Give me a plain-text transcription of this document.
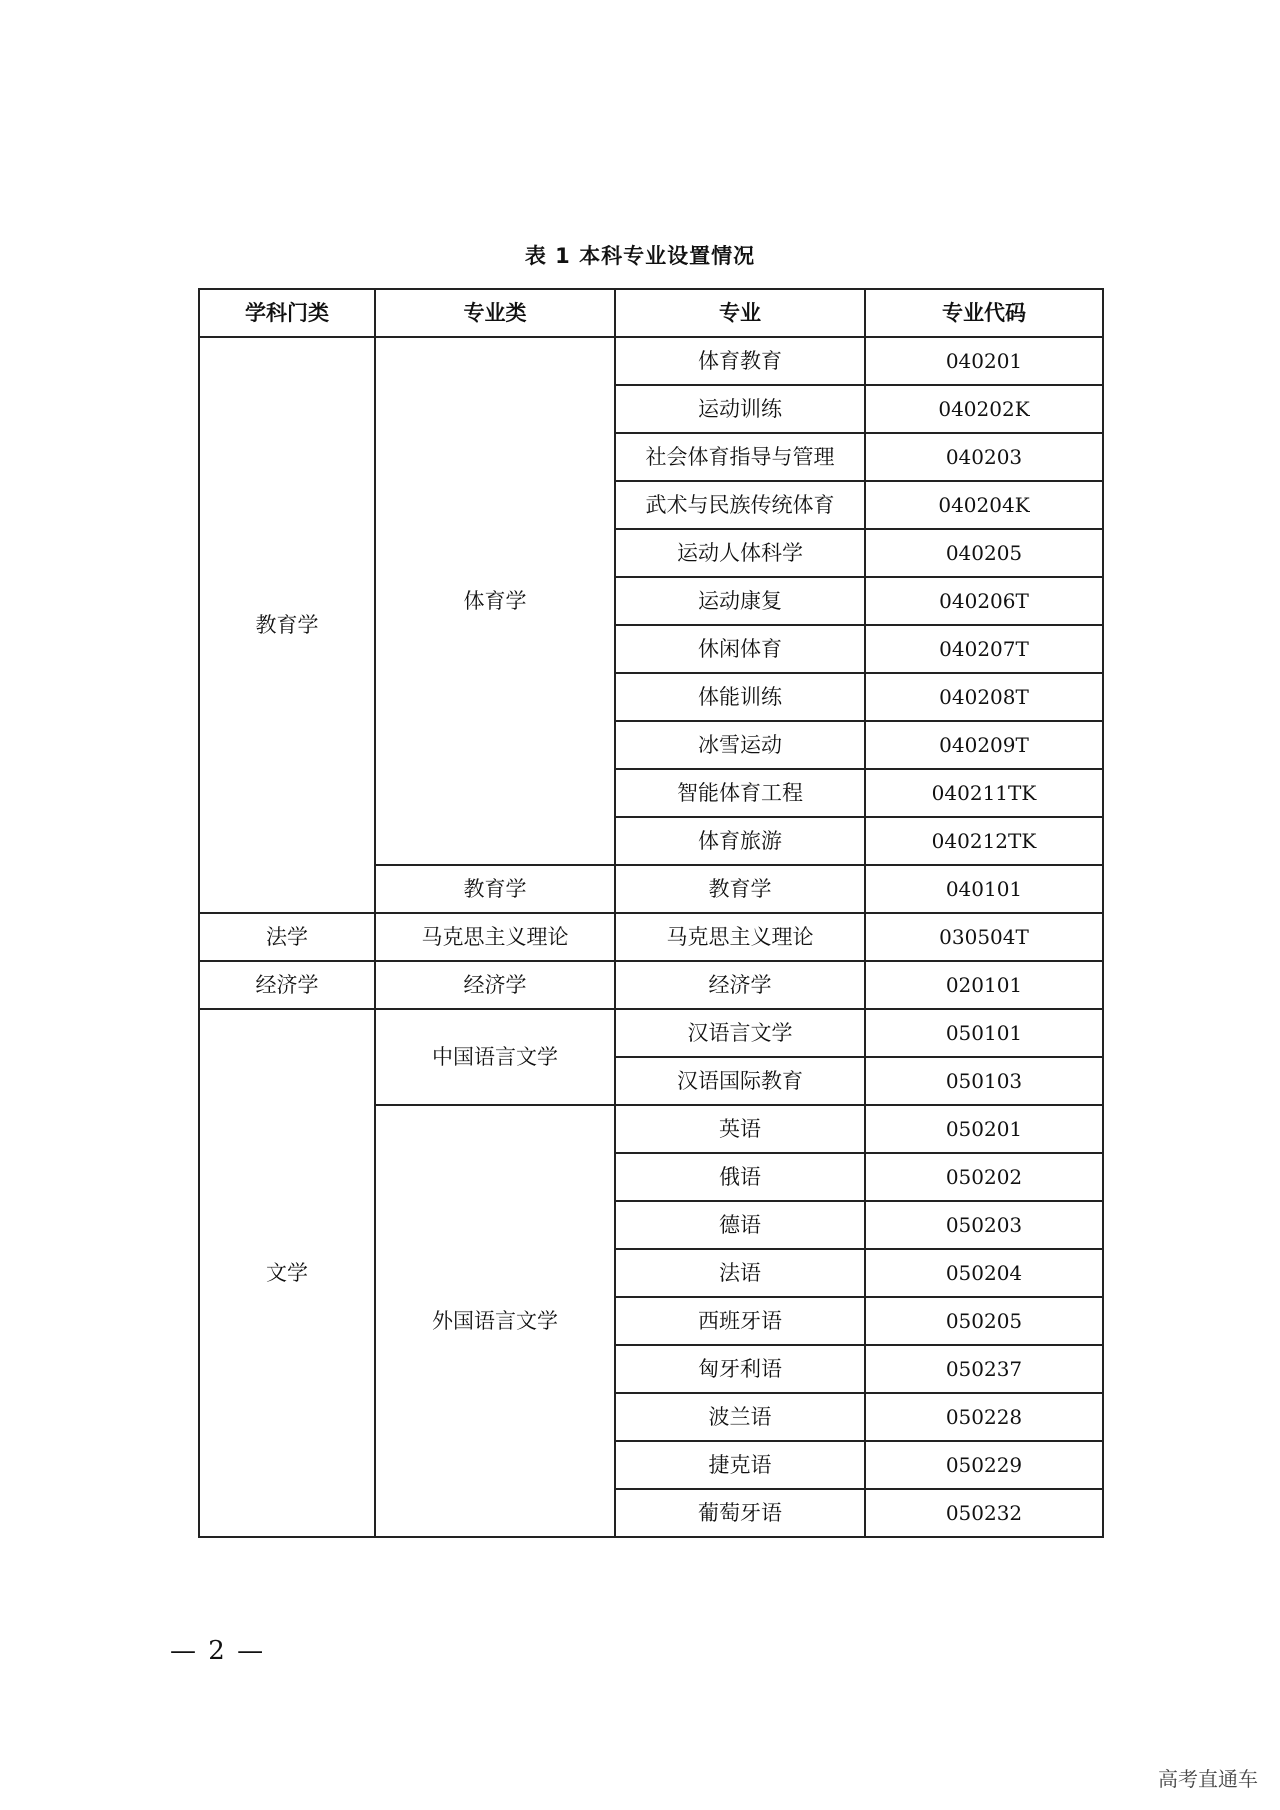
表 1 本科专业设置情况
学科门类	专业类	专业	专业代码
教育学	体育学	体育教育	040201
		运动训练	040202K
		社会体育指导与管理	040203
		武术与民族传统体育	040204K
		运动人体科学	040205
		运动康复	040206T
		休闲体育	040207T
		体能训练	040208T
		冰雪运动	040209T
		智能体育工程	040211TK
		体育旅游	040212TK
	教育学	教育学	040101
法学	马克思主义理论	马克思主义理论	030504T
经济学	经济学	经济学	020101
文学	中国语言文学	汉语言文学	050101
		汉语国际教育	050103
	外国语言文学	英语	050201
		俄语	050202
		德语	050203
		法语	050204
		西班牙语	050205
		匈牙利语	050237
		波兰语	050228
		捷克语	050229
		葡萄牙语	050232
— 2 —
高考直通车
